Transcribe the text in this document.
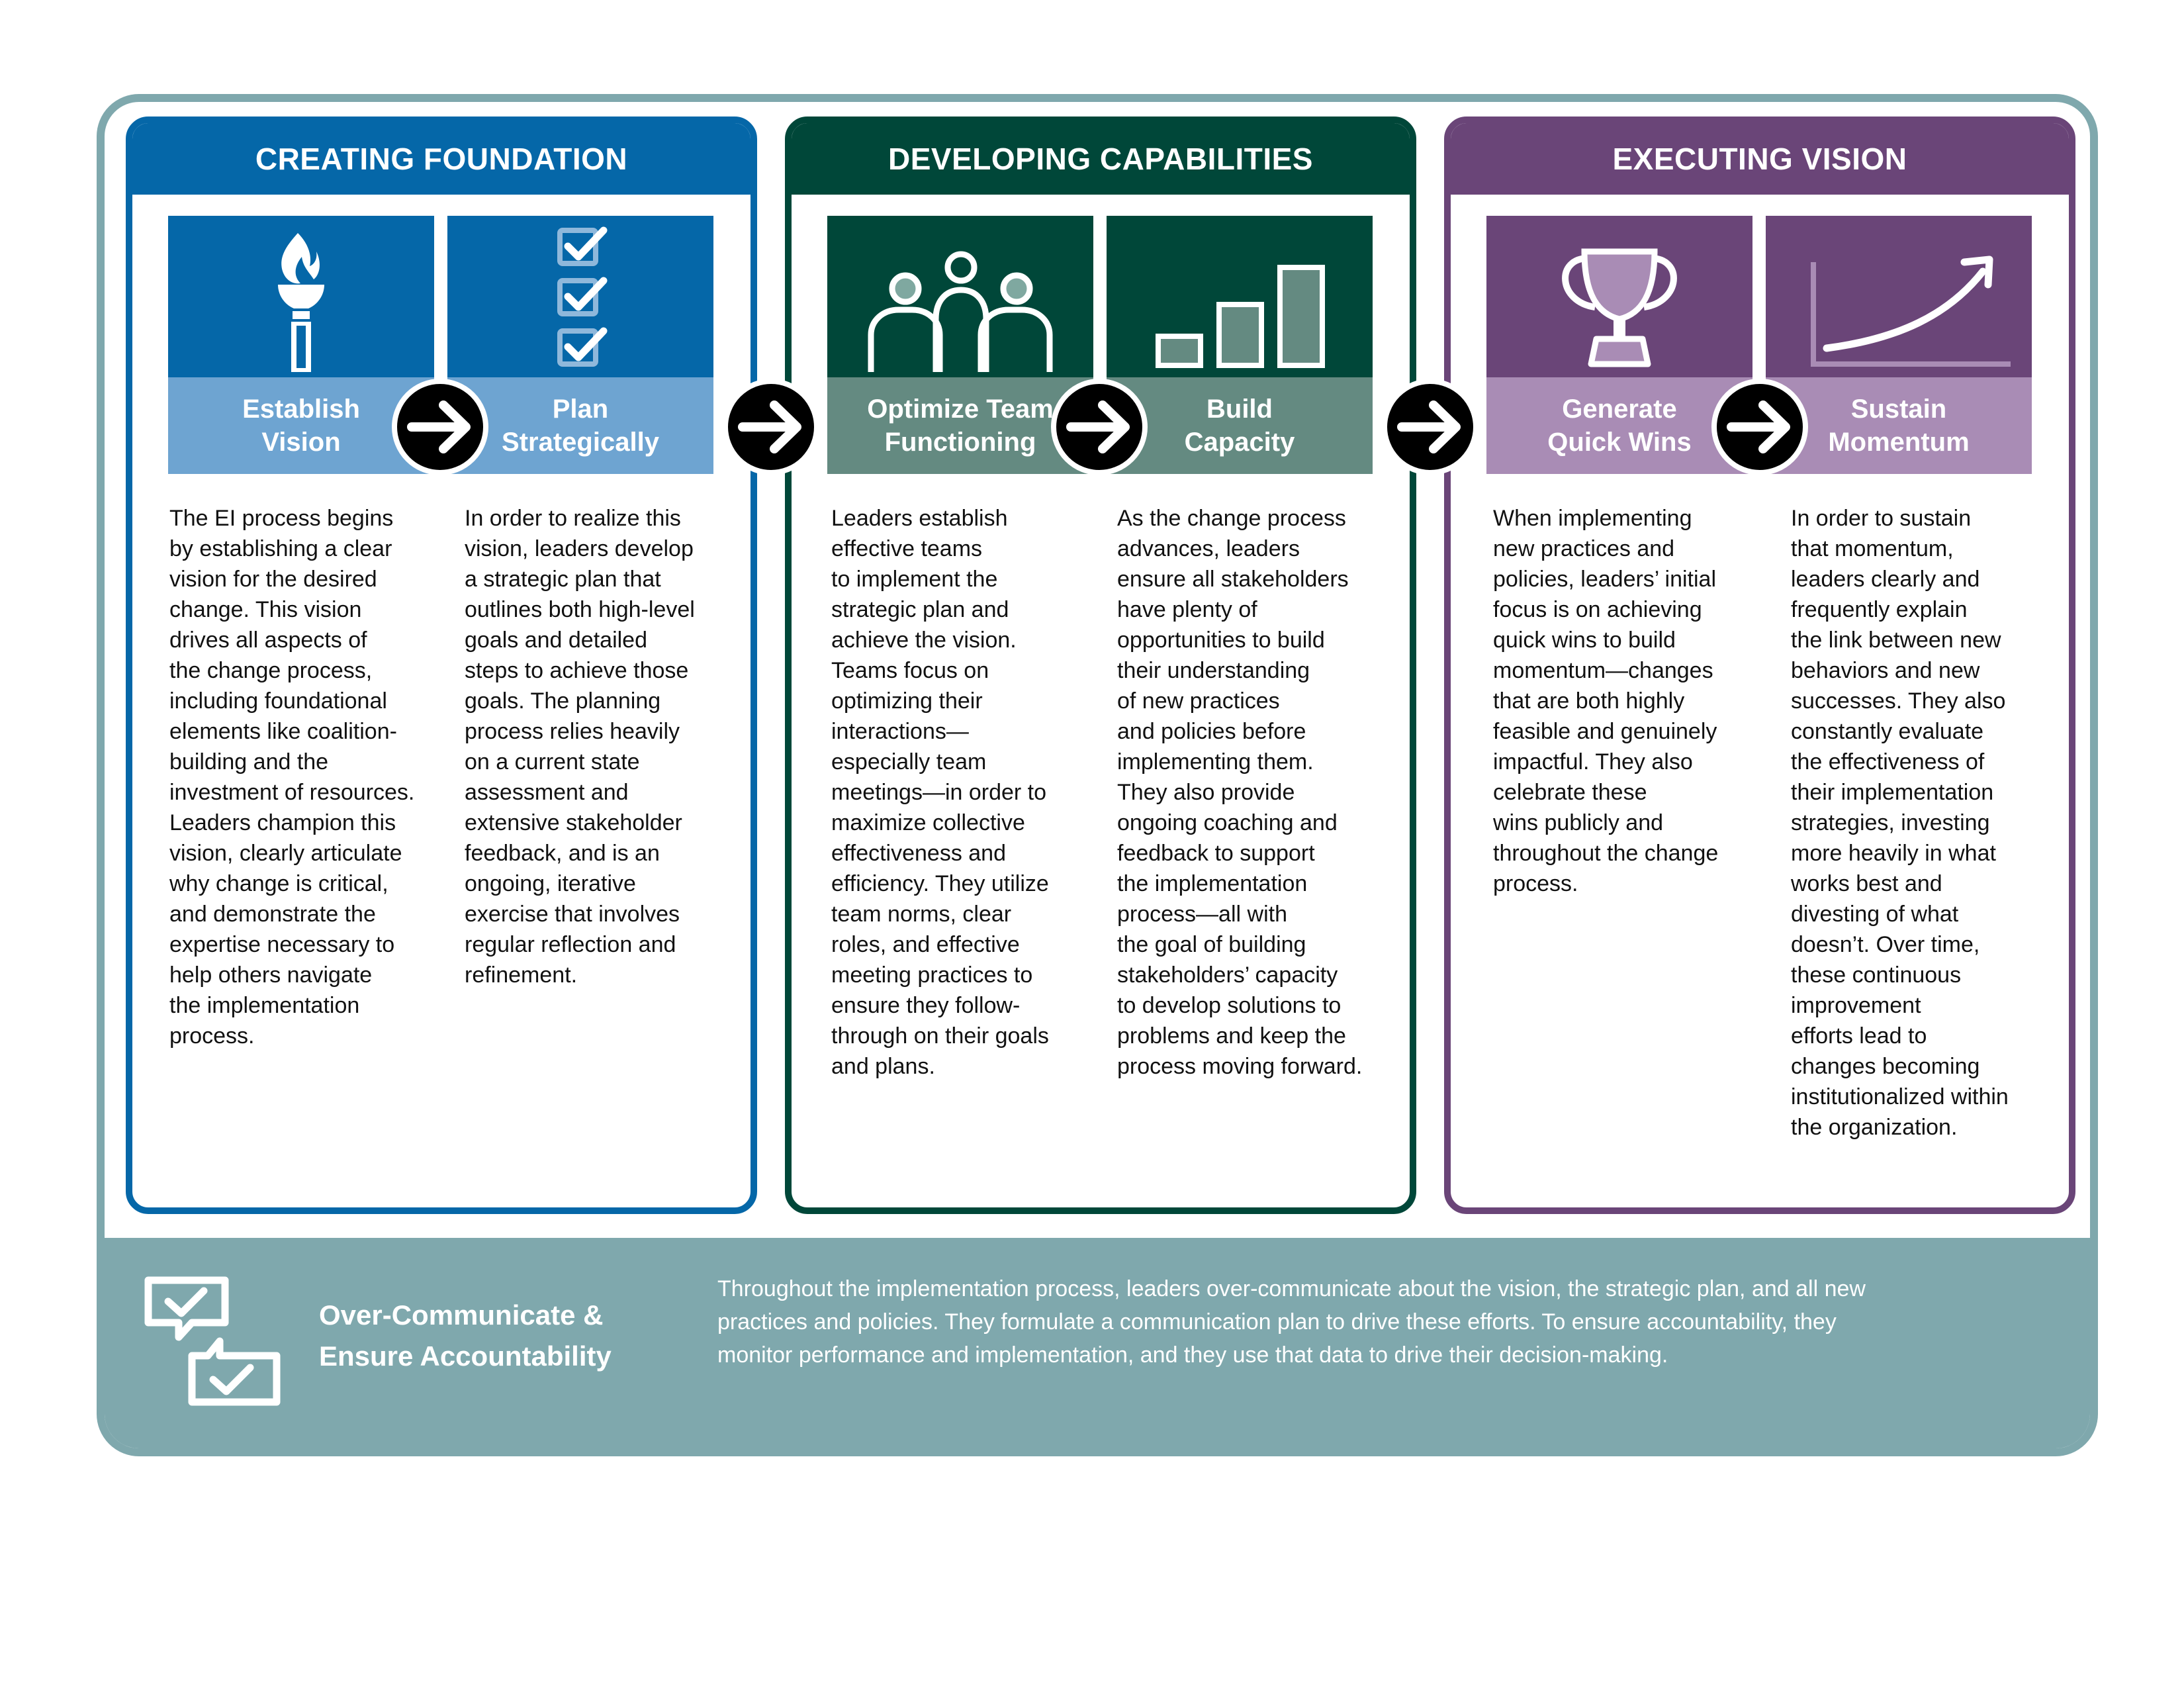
CREATING FOUNDATION	DEVELOPING CAPABILITIES	EXECUTING VISION
Establish
Vision
Plan
Strategically
Optimize Team
Functioning
Build
Capacity
Generate
Quick Wins
Sustain
Momentum
The EI process begins
by establishing a clear
vision for the desired
change. This vision
drives all aspects of
the change process,
including foundational
elements like coalition-
building and the
investment of resources.
Leaders champion this
vision, clearly articulate
why change is critical,
and demonstrate the
expertise necessary to
help others navigate
the implementation
process.
In order to realize this
vision, leaders develop
a strategic plan that
outlines both high-level
goals and detailed
steps to achieve those
goals. The planning
process relies heavily
on a current state
assessment and
extensive stakeholder
feedback, and is an
ongoing, iterative
exercise that involves
regular reflection and
refinement.
Leaders establish
effective teams
to implement the
strategic plan and
achieve the vision.
Teams focus on
optimizing their
interactions—
especially team
meetings—in order to
maximize collective
effectiveness and
efficiency. They utilize
team norms, clear
roles, and effective
meeting practices to
ensure they follow-
through on their goals
and plans.
As the change process
advances, leaders
ensure all stakeholders
have plenty of
opportunities to build
their understanding
of new practices
and policies before
implementing them.
They also provide
ongoing coaching and
feedback to support
the implementation
process—all with
the goal of building
stakeholders’ capacity
to develop solutions to
problems and keep the
process moving forward.
When implementing
new practices and
policies, leaders’ initial
focus is on achieving
quick wins to build
momentum—changes
that are both highly
feasible and genuinely
impactful. They also
celebrate these
wins publicly and
throughout the change
process.
In order to sustain
that momentum,
leaders clearly and
frequently explain
the link between new
behaviors and new
successes. They also
constantly evaluate
the effectiveness of
their implementation
strategies, investing
more heavily in what
works best and
divesting of what
doesn’t. Over time,
these continuous
improvement
efforts lead to
changes becoming
institutionalized within
the organization.
Over-Communicate &
Ensure Accountability
Throughout the implementation process, leaders over-communicate about the vision, the strategic plan, and all new practices and policies. They formulate a communication plan to drive these efforts. To ensure accountability, they monitor performance and implementation, and they use that data to drive their decision-making.
